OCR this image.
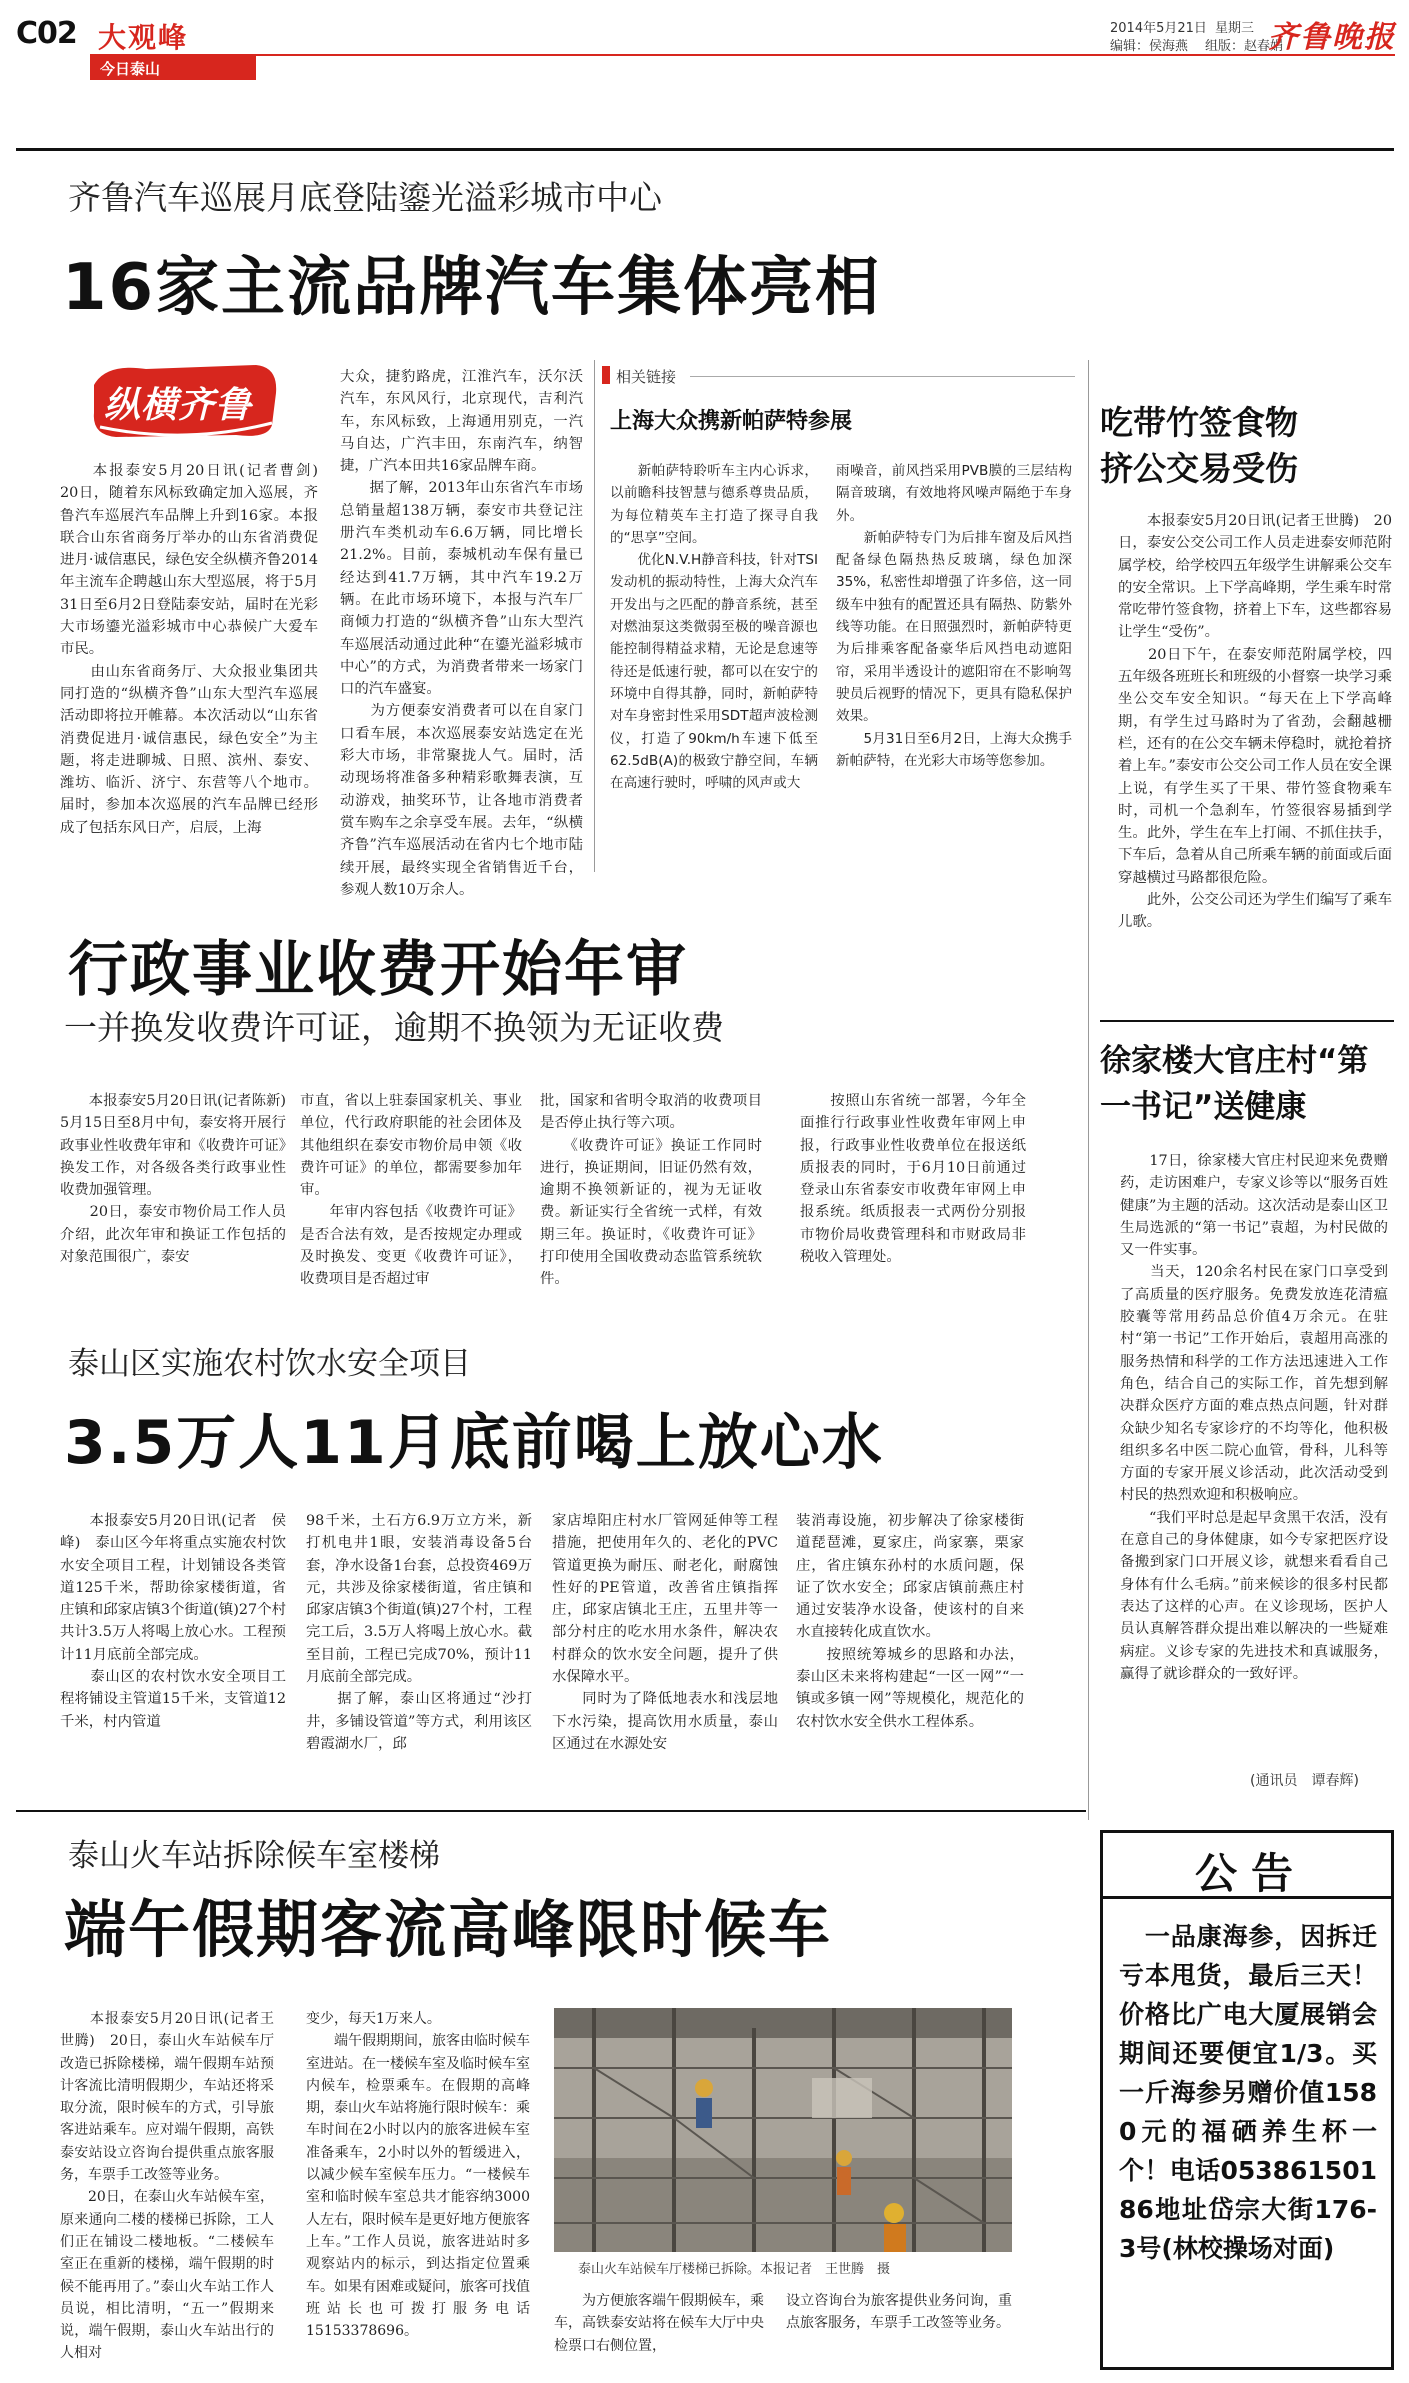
C02 大观峰
今日泰山
2014年5月21日 星期三
编辑：侯海燕 组版：赵春娟
齐鲁晚报
齐鲁汽车巡展月底登陆鎏光溢彩城市中心
16家主流品牌汽车集体亮相
纵横齐鲁
　　本报泰安5月20日讯(记者曹剑)　20日，随着东风标致确定加入巡展，齐鲁汽车巡展汽车品牌上升到16家。本报联合山东省商务厅举办的山东省消费促进月·诚信惠民，绿色安全纵横齐鲁2014年主流车企聘越山东大型巡展，将于5月31日至6月2日登陆泰安站，届时在光彩大市场鎏光溢彩城市中心恭候广大爱车市民。
　　由山东省商务厅、大众报业集团共同打造的“纵横齐鲁”山东大型汽车巡展活动即将拉开帷幕。本次活动以“山东省消费促进月·诚信惠民，绿色安全”为主题，将走进聊城、日照、滨州、泰安、潍坊、临沂、济宁、东营等八个地市。届时，参加本次巡展的汽车品牌已经形成了包括东风日产，启辰，上海
大众，捷豹路虎，江淮汽车，沃尔沃汽车，东风风行，北京现代，吉利汽车，东风标致，上海通用别克，一汽马自达，广汽丰田，东南汽车，纳智捷，广汽本田共16家品牌车商。
　　据了解，2013年山东省汽车市场总销量超138万辆，泰安市共登记注册汽车类机动车6.6万辆，同比增长21.2%。目前，泰城机动车保有量已经达到41.7万辆，其中汽车19.2万辆。在此市场环境下，本报与汽车厂商倾力打造的“纵横齐鲁”山东大型汽车巡展活动通过此种“在鎏光溢彩城市中心”的方式，为消费者带来一场家门口的汽车盛宴。
　　为方便泰安消费者可以在自家门口看车展，本次巡展泰安站选定在光彩大市场，非常聚拢人气。届时，活动现场将准备多种精彩歌舞表演，互动游戏，抽奖环节，让各地市消费者赏车购车之余享受车展。去年，“纵横齐鲁”汽车巡展活动在省内七个地市陆续开展，最终实现全省销售近千台，参观人数10万余人。
相关链接
上海大众携新帕萨特参展
　　新帕萨特聆听车主内心诉求，以前瞻科技智慧与德系尊贵品质，为每位精英车主打造了探寻自我的“思享”空间。
　　优化N.V.H静音科技，针对TSI发动机的振动特性，上海大众汽车开发出与之匹配的静音系统，甚至对燃油泵这类微弱至极的噪音源也能控制得精益求精，无论是怠速等待还是低速行驶，都可以在安宁的环境中自得其静，同时，新帕萨特对车身密封性采用SDT超声波检测仪，打造了90km/h车速下低至62.5dB(A)的极致宁静空间，车辆在高速行驶时，呼啸的风声或大
雨噪音，前风挡采用PVB膜的三层结构隔音玻璃，有效地将风噪声隔绝于车身外。
　　新帕萨特专门为后排车窗及后风挡配备绿色隔热热反玻璃，绿色加深35%，私密性却增强了许多倍，这一同级车中独有的配置还具有隔热、防紫外线等功能。在日照强烈时，新帕萨特更为后排乘客配备豪华后风挡电动遮阳帘，采用半透设计的遮阳帘在不影响驾驶员后视野的情况下，更具有隐私保护效果。
　　5月31日至6月2日，上海大众携手新帕萨特，在光彩大市场等您参加。
吃带竹签食物挤公交易受伤
　　本报泰安5月20日讯(记者王世腾)　20日，泰安公交公司工作人员走进泰安师范附属学校，给学校四五年级学生讲解乘公交车的安全常识。上下学高峰期，学生乘车时常常吃带竹签食物，挤着上下车，这些都容易让学生“受伤”。
　　20日下午，在泰安师范附属学校，四五年级各班班长和班级的小督察一块学习乘坐公交车安全知识。“每天在上下学高峰期，有学生过马路时为了省劲，会翻越栅栏，还有的在公交车辆未停稳时，就抢着挤着上车。”泰安市公交公司工作人员在安全课上说，有学生买了干果、带竹签食物乘车时，司机一个急刹车，竹签很容易插到学生。此外，学生在车上打闹、不抓住扶手，下车后，急着从自己所乘车辆的前面或后面穿越横过马路都很危险。
　　此外，公交公司还为学生们编写了乘车儿歌。
行政事业收费开始年审
一并换发收费许可证，逾期不换领为无证收费
　　本报泰安5月20日讯(记者陈新)　5月15日至8月中旬，泰安将开展行政事业性收费年审和《收费许可证》换发工作，对各级各类行政事业性收费加强管理。
　　20日，泰安市物价局工作人员介绍，此次年审和换证工作包括的对象范围很广，泰安
市直，省以上驻泰国家机关、事业单位，代行政府职能的社会团体及其他组织在泰安市物价局申领《收费许可证》的单位，都需要参加年审。
　　年审内容包括《收费许可证》是否合法有效，是否按规定办理或及时换发、变更《收费许可证》，收费项目是否超过审
批，国家和省明令取消的收费项目是否停止执行等六项。
　　《收费许可证》换证工作同时进行，换证期间，旧证仍然有效，逾期不换领新证的，视为无证收费。新证实行全省统一式样，有效期三年。换证时，《收费许可证》打印使用全国收费动态监管系统软件。
　　按照山东省统一部署，今年全面推行行政事业性收费年审网上申报，行政事业性收费单位在报送纸质报表的同时，于6月10日前通过登录山东省泰安市收费年审网上申报系统。纸质报表一式两份分别报市物价局收费管理科和市财政局非税收入管理处。
徐家楼大官庄村“第一书记”送健康
　　17日，徐家楼大官庄村民迎来免费赠药，走访困难户，专家义诊等以“服务百姓健康”为主题的活动。这次活动是泰山区卫生局选派的“第一书记”袁超，为村民做的又一件实事。
　　当天，120余名村民在家门口享受到了高质量的医疗服务。免费发放连花清瘟胶囊等常用药品总价值4万余元。在驻村“第一书记”工作开始后，袁超用高涨的服务热情和科学的工作方法迅速进入工作角色，结合自己的实际工作，首先想到解决群众医疗方面的难点热点问题，针对群众缺少知名专家诊疗的不均等化，他积极组织多名中医二院心血管，骨科，儿科等方面的专家开展义诊活动，此次活动受到村民的热烈欢迎和积极响应。
　　“我们平时总是起早贪黑干农活，没有在意自己的身体健康，如今专家把医疗设备搬到家门口开展义诊，就想来看看自己身体有什么毛病。”前来候诊的很多村民都表达了这样的心声。在义诊现场，医护人员认真解答群众提出难以解决的一些疑难病症。义诊专家的先进技术和真诚服务，赢得了就诊群众的一致好评。
(通讯员　谭春辉)
泰山区实施农村饮水安全项目
3.5万人11月底前喝上放心水
　　本报泰安5月20日讯(记者　侯峰)　泰山区今年将重点实施农村饮水安全项目工程，计划铺设各类管道125千米，帮助徐家楼街道，省庄镇和邱家店镇3个街道(镇)27个村共计3.5万人将喝上放心水。工程预计11月底前全部完成。
　　泰山区的农村饮水安全项目工程将铺设主管道15千米，支管道12千米，村内管道
98千米，土石方6.9万立方米，新打机电井1眼，安装消毒设备5台套，净水设备1台套，总投资469万元，共涉及徐家楼街道，省庄镇和邱家店镇3个街道(镇)27个村，工程完工后，3.5万人将喝上放心水。截至目前，工程已完成70%，预计11月底前全部完成。
　　据了解，泰山区将通过“沙打井，多铺设管道”等方式，利用该区碧霞湖水厂，邱
家店埠阳庄村水厂管网延伸等工程措施，把使用年久的、老化的PVC管道更换为耐压、耐老化，耐腐蚀性好的PE管道，改善省庄镇指挥庄，邱家店镇北王庄，五里井等一部分村庄的吃水用水条件，解决农村群众的饮水安全问题，提升了供水保障水平。
　　同时为了降低地表水和浅层地下水污染，提高饮用水质量，泰山区通过在水源处安
装消毒设施，初步解决了徐家楼街道琵琶滩，夏家庄，尚家寨，栗家庄，省庄镇东孙村的水质问题，保证了饮水安全；邱家店镇前燕庄村通过安装净水设备，使该村的自来水直接转化成直饮水。
　　按照统筹城乡的思路和办法，泰山区未来将构建起“一区一网”“一镇或多镇一网”等规模化，规范化的农村饮水安全供水工程体系。
泰山火车站拆除候车室楼梯
端午假期客流高峰限时候车
　　本报泰安5月20日讯(记者王世腾)　20日，泰山火车站候车厅改造已拆除楼梯，端午假期车站预计客流比清明假期少，车站还将采取分流，限时候车的方式，引导旅客进站乘车。应对端午假期，高铁泰安站设立咨询台提供重点旅客服务，车票手工改签等业务。
　　20日，在泰山火车站候车室，原来通向二楼的楼梯已拆除，工人们正在铺设二楼地板。“二楼候车室正在重新的楼梯，端午假期的时候不能再用了。”泰山火车站工作人员说，相比清明，“五一”假期来说，端午假期，泰山火车站出行的人相对
变少，每天1万来人。
　　端午假期期间，旅客由临时候车室进站。在一楼候车室及临时候车室内候车，检票乘车。在假期的高峰期，泰山火车站将施行限时候车：乘车时间在2小时以内的旅客进候车室准备乘车，2小时以外的暂缓进入，以减少候车室候车压力。“一楼候车室和临时候车室总共才能容纳3000人左右，限时候车是更好地方便旅客上车。”工作人员说，旅客进站时多观察站内的标示，到达指定位置乘车。如果有困难或疑问，旅客可找值班站长也可拨打服务电话15153378696。
泰山火车站候车厅楼梯已拆除。本报记者　王世腾　摄
　　为方便旅客端午假期候车，乘车，高铁泰安站将在候车大厅中央检票口右侧位置，
设立咨询台为旅客提供业务问询，重点旅客服务，车票手工改签等业务。
公告
　一品康海参，因拆迁亏本甩货，最后三天！价格比广电大厦展销会期间还要便宜1/3。买一斤海参另赠价值1580元的福硒养生杯一个！电话05386150186地址岱宗大街176-3号(林校操场对面)
